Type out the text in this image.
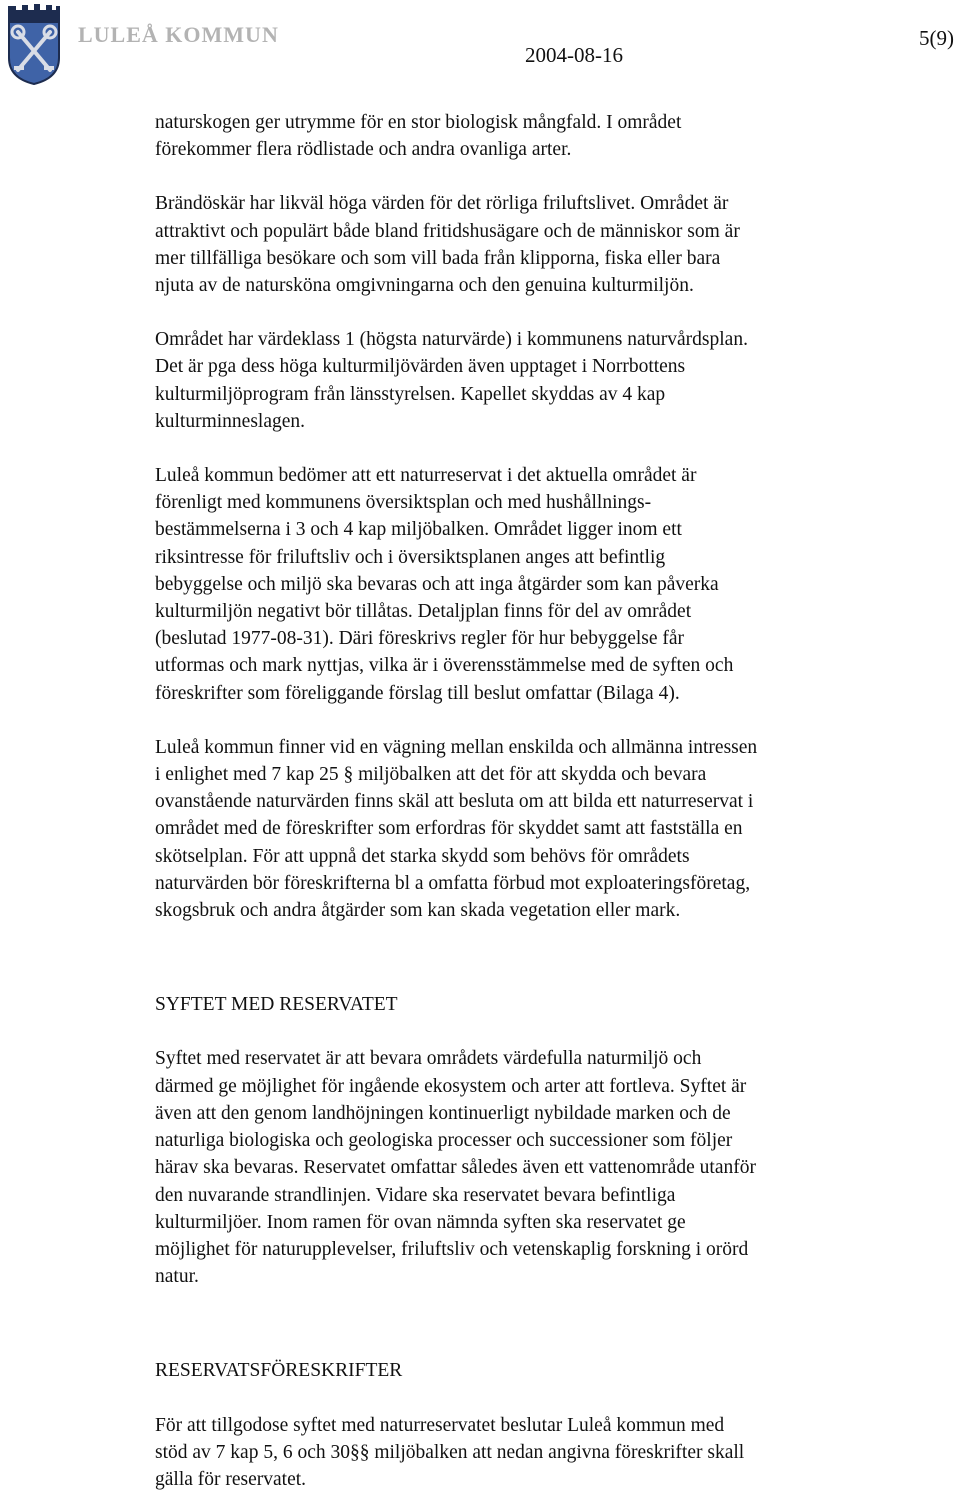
LULEÅ KOMMUN
2004-08-16
5(9)

naturskogen ger utrymme för en stor biologisk mångfald. I området
förekommer flera rödlistade och andra ovanliga arter.

Brändöskär har likväl höga värden för det rörliga friluftslivet. Området är
attraktivt och populärt både bland fritidshusägare och de människor som är
mer tillfälliga besökare och som vill bada från klipporna, fiska eller bara
njuta av de natursköna omgivningarna och den genuina kulturmiljön.

Området har värdeklass 1 (högsta naturvärde) i kommunens naturvårdsplan.
Det är pga dess höga kulturmiljövärden även upptaget i Norrbottens
kulturmiljöprogram från länsstyrelsen. Kapellet skyddas av 4 kap
kulturminneslagen.

Luleå kommun bedömer att ett naturreservat i det aktuella området är
förenligt med kommunens översiktsplan och med hushållnings-
bestämmelserna i 3 och 4 kap miljöbalken. Området ligger inom ett
riksintresse för friluftsliv och i översiktsplanen anges att befintlig
bebyggelse och miljö ska bevaras och att inga åtgärder som kan påverka
kulturmiljön negativt bör tillåtas. Detaljplan finns för del av området
(beslutad 1977-08-31). Däri föreskrivs regler för hur bebyggelse får
utformas och mark nyttjas, vilka är i överensstämmelse med de syften och
föreskrifter som föreliggande förslag till beslut omfattar (Bilaga 4).

Luleå kommun finner vid en vägning mellan enskilda och allmänna intressen
i enlighet med 7 kap 25 § miljöbalken att det för att skydda och bevara
ovanstående naturvärden finns skäl att besluta om att bilda ett naturreservat i
området med de föreskrifter som erfordras för skyddet samt att fastställa en
skötselplan. För att uppnå det starka skydd som behövs för områdets
naturvärden bör föreskrifterna bl a omfatta förbud mot exploateringsföretag,
skogsbruk och andra åtgärder som kan skada vegetation eller mark.

SYFTET MED RESERVATET

Syftet med reservatet är att bevara områdets värdefulla naturmiljö och
därmed ge möjlighet för ingående ekosystem och arter att fortleva. Syftet är
även att den genom landhöjningen kontinuerligt nybildade marken och de
naturliga biologiska och geologiska processer och successioner som följer
härav ska bevaras. Reservatet omfattar således även ett vattenområde utanför
den nuvarande strandlinjen. Vidare ska reservatet bevara befintliga
kulturmiljöer. Inom ramen för ovan nämnda syften ska reservatet ge
möjlighet för naturupplevelser, friluftsliv och vetenskaplig forskning i orörd
natur.

RESERVATSFÖRESKRIFTER

För att tillgodose syftet med naturreservatet beslutar Luleå kommun med
stöd av 7 kap 5, 6 och 30§§ miljöbalken att nedan angivna föreskrifter skall
gälla för reservatet.
